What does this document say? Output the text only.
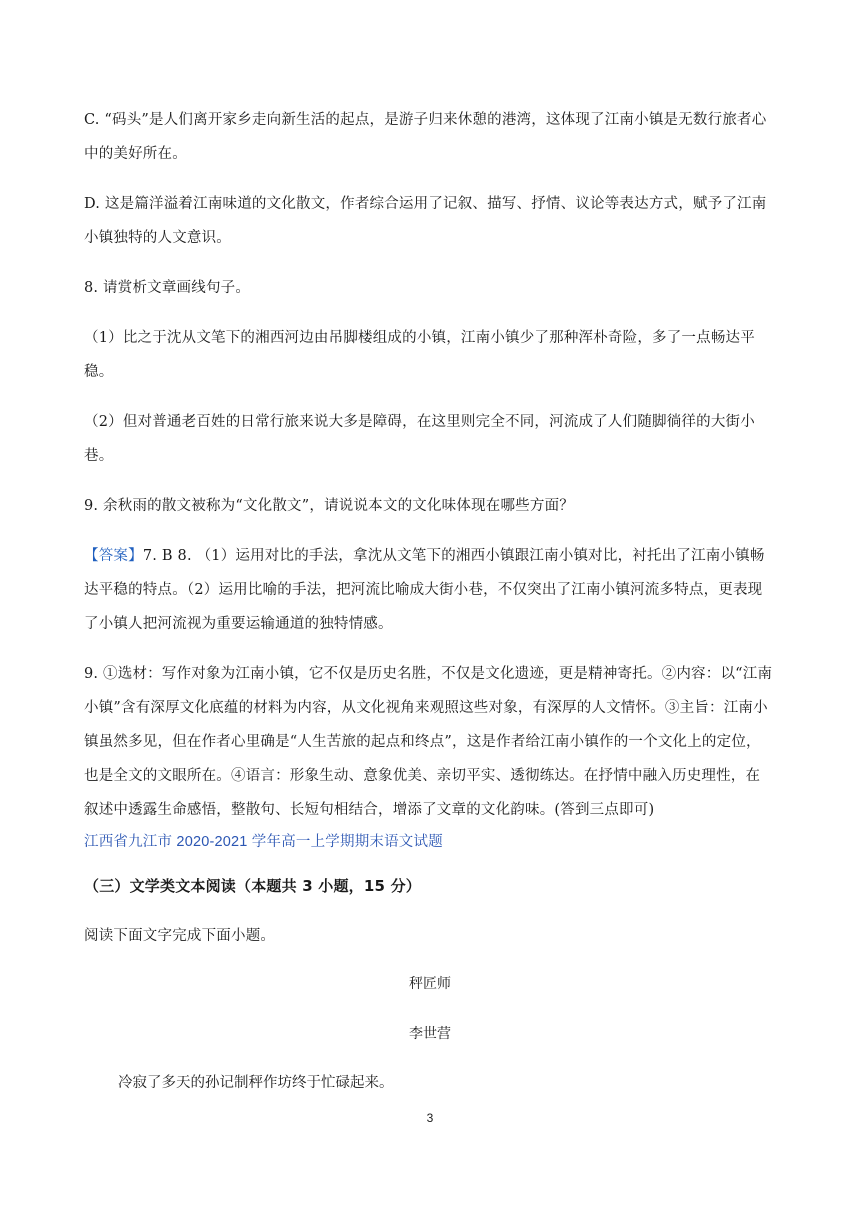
C. “码头”是人们离开家乡走向新生活的起点，是游子归来休憩的港湾，这体现了江南小镇是无数行旅者心中的美好所在。

D. 这是篇洋溢着江南味道的文化散文，作者综合运用了记叙、描写、抒情、议论等表达方式，赋予了江南小镇独特的人文意识。

8. 请赏析文章画线句子。

（1）比之于沈从文笔下的湘西河边由吊脚楼组成的小镇，江南小镇少了那种浑朴奇险，多了一点畅达平稳。

（2）但对普通老百姓的日常行旅来说大多是障碍，在这里则完全不同，河流成了人们随脚徜徉的大街小巷。

9. 余秋雨的散文被称为“文化散文”，请说说本文的文化味体现在哪些方面？

【答案】7. B 8. （1）运用对比的手法，拿沈从文笔下的湘西小镇跟江南小镇对比，衬托出了江南小镇畅达平稳的特点。（2）运用比喻的手法，把河流比喻成大街小巷，不仅突出了江南小镇河流多特点，更表现了小镇人把河流视为重要运输通道的独特情感。

9. ①选材：写作对象为江南小镇，它不仅是历史名胜，不仅是文化遗迹，更是精神寄托。②内容：以“江南小镇”含有深厚文化底蕴的材料为内容，从文化视角来观照这些对象，有深厚的人文情怀。③主旨：江南小镇虽然多见，但在作者心里确是“人生苦旅的起点和终点”，这是作者给江南小镇作的一个文化上的定位，也是全文的文眼所在。④语言：形象生动、意象优美、亲切平实、透彻练达。在抒情中融入历史理性，在叙述中透露生命感悟，整散句、长短句相结合，增添了文章的文化韵味。(答到三点即可)

江西省九江市 2020-2021 学年高一上学期期末语文试题

（三）文学类文本阅读（本题共 3 小题，15 分）

阅读下面文字完成下面小题。

秤匠师

李世营

冷寂了多天的孙记制秤作坊终于忙碌起来。

3
